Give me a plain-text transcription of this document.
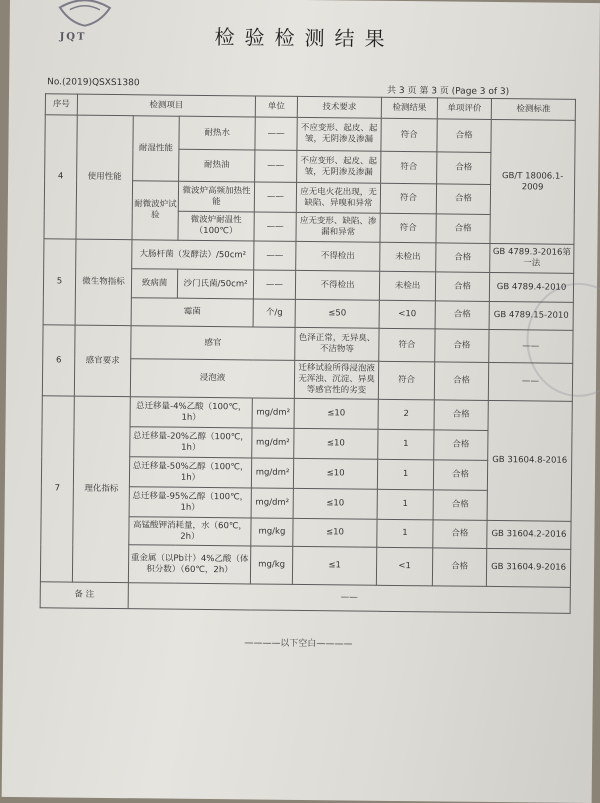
JQT	检验检测结果
No.(2019)QSXS1380
共 3 页 第 3 页 (Page 3 of 3)
序号	检测项目			单位	技术要求	检测结果	单项评价	检测标准
4	使用性能	耐湿性能	耐热水	——	不应变形、起皮、起皱，无阴渗及渗漏	符合	合格	GB/T 18006.1-2009
			耐热油	——	不应变形、起皮、起皱，无阴渗及渗漏	符合	合格	
		耐微波炉试验	微波炉高频加热性能	——	应无电火花出现，无缺陷、异嗅和异常	符合	合格	
			微波炉耐温性（100℃）	——	应无变形、缺陷、渗漏和异常	符合	合格	
5	微生物指标	大肠杆菌（发酵法）/50cm²		——	不得检出	未检出	合格	GB 4789.3-2016第一法
		致病菌	沙门氏菌/50cm²	——	不得检出	未检出	合格	GB 4789.4-2010
		霉菌		个/g	≤50	<10	合格	GB 4789.15-2010
6	感官要求	感官			色泽正常，无异臭、不洁物等	符合	合格	——
		浸泡液			迁移试验所得浸泡液无浑浊、沉淀、异臭等感官性的劣变	符合	合格	——
7	理化指标	总迁移量-4%乙酸（100℃，1h）		mg/dm²	≤10	2	合格	GB 31604.8-2016
		总迁移量-20%乙醇（100℃，1h）		mg/dm²	≤10	1	合格	
		总迁移量-50%乙醇（100℃，1h）		mg/dm²	≤10	1	合格	
		总迁移量-95%乙醇（100℃，1h）		mg/dm²	≤10	1	合格	
		高锰酸钾消耗量，水（60℃，2h）		mg/kg	≤10	1	合格	GB 31604.2-2016
		重金属（以Pb计）4%乙酸（体积分数）（60℃，2h）		mg/kg	≤1	<1	合格	GB 31604.9-2016
备 注		——						
————以下空白————
